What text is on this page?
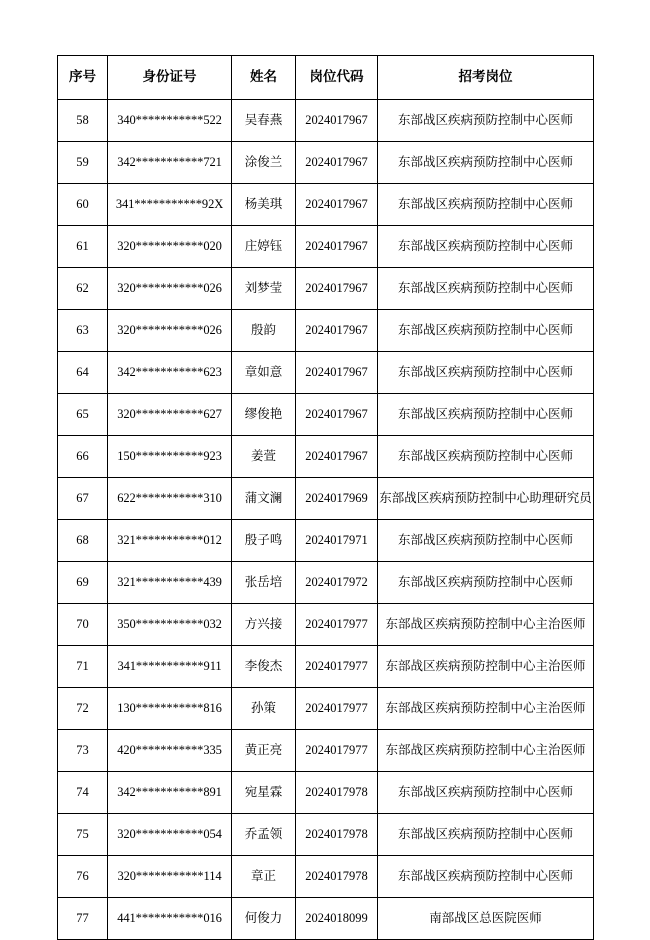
序号	身份证号	姓名	岗位代码	招考岗位
58	340***********522	吴春燕	2024017967	东部战区疾病预防控制中心医师
59	342***********721	涂俊兰	2024017967	东部战区疾病预防控制中心医师
60	341***********92X	杨美琪	2024017967	东部战区疾病预防控制中心医师
61	320***********020	庄婷钰	2024017967	东部战区疾病预防控制中心医师
62	320***********026	刘梦莹	2024017967	东部战区疾病预防控制中心医师
63	320***********026	殷韵	2024017967	东部战区疾病预防控制中心医师
64	342***********623	章如意	2024017967	东部战区疾病预防控制中心医师
65	320***********627	缪俊艳	2024017967	东部战区疾病预防控制中心医师
66	150***********923	姜萱	2024017967	东部战区疾病预防控制中心医师
67	622***********310	蒲文澜	2024017969	东部战区疾病预防控制中心助理研究员
68	321***********012	殷子鸣	2024017971	东部战区疾病预防控制中心医师
69	321***********439	张岳培	2024017972	东部战区疾病预防控制中心医师
70	350***********032	方兴接	2024017977	东部战区疾病预防控制中心主治医师
71	341***********911	李俊杰	2024017977	东部战区疾病预防控制中心主治医师
72	130***********816	孙策	2024017977	东部战区疾病预防控制中心主治医师
73	420***********335	黄正亮	2024017977	东部战区疾病预防控制中心主治医师
74	342***********891	宛星霖	2024017978	东部战区疾病预防控制中心医师
75	320***********054	乔孟领	2024017978	东部战区疾病预防控制中心医师
76	320***********114	章正	2024017978	东部战区疾病预防控制中心医师
77	441***********016	何俊力	2024018099	南部战区总医院医师
